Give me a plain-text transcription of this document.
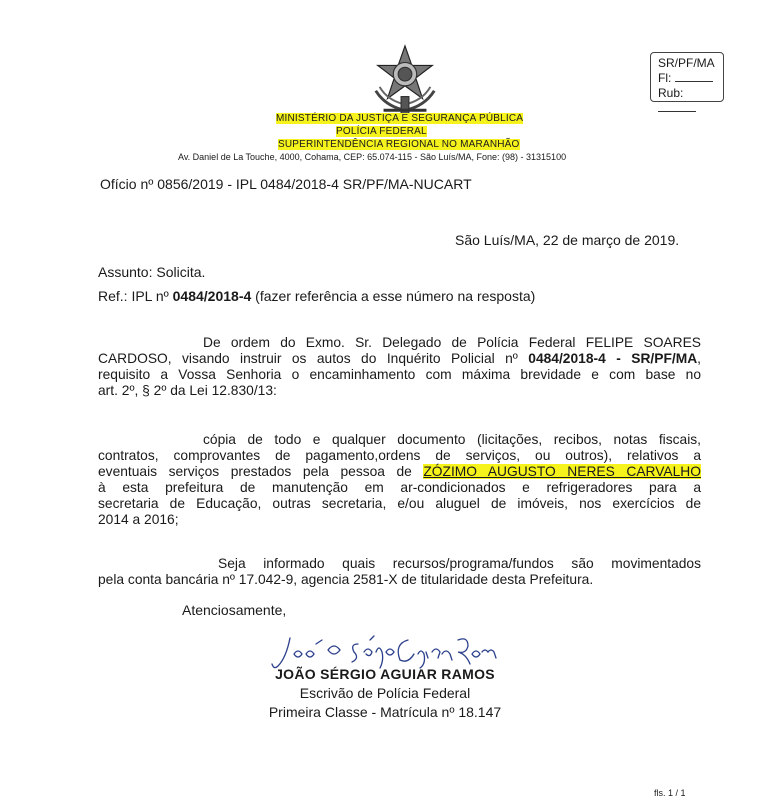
SR/PF/MA
Fl:
Rub:
MINISTÉRIO DA JUSTIÇA E SEGURANÇA PÚBLICA
POLÍCIA FEDERAL
SUPERINTENDÊNCIA REGIONAL NO MARANHÃO
Av. Daniel de La Touche, 4000, Cohama, CEP: 65.074-115 - São Luís/MA, Fone: (98) - 31315100
Ofício nº 0856/2019 - IPL 0484/2018-4 SR/PF/MA-NUCART
São Luís/MA, 22 de março de 2019.
Assunto: Solicita.
Ref.: IPL nº 0484/2018-4 (fazer referência a esse número na resposta)
De ordem do Exmo. Sr. Delegado de Polícia Federal FELIPE SOARES
CARDOSO, visando instruir os autos do Inquérito Policial nº 0484/2018-4 - SR/PF/MA,
requisito a Vossa Senhoria o encaminhamento com máxima brevidade e com base no
art. 2º, § 2º da Lei 12.830/13:
cópia de todo e qualquer documento (licitações, recibos, notas fiscais,
contratos, comprovantes de pagamento,ordens de serviços, ou outros), relativos a
eventuais serviços prestados pela pessoa de ZÓZIMO AUGUSTO NERES CARVALHO
à esta prefeitura de manutenção em ar-condicionados e refrigeradores para a
secretaria de Educação, outras secretaria, e/ou aluguel de imóveis, nos exercícios de
2014 a 2016;
Seja informado quais recursos/programa/fundos são movimentados
pela conta bancária nº 17.042-9, agencia 2581-X de titularidade desta Prefeitura.
Atenciosamente,
JOÃO SÉRGIO AGUIAR RAMOS
Escrivão de Polícia Federal
Primeira Classe - Matrícula nº 18.147
fls. 1 / 1
